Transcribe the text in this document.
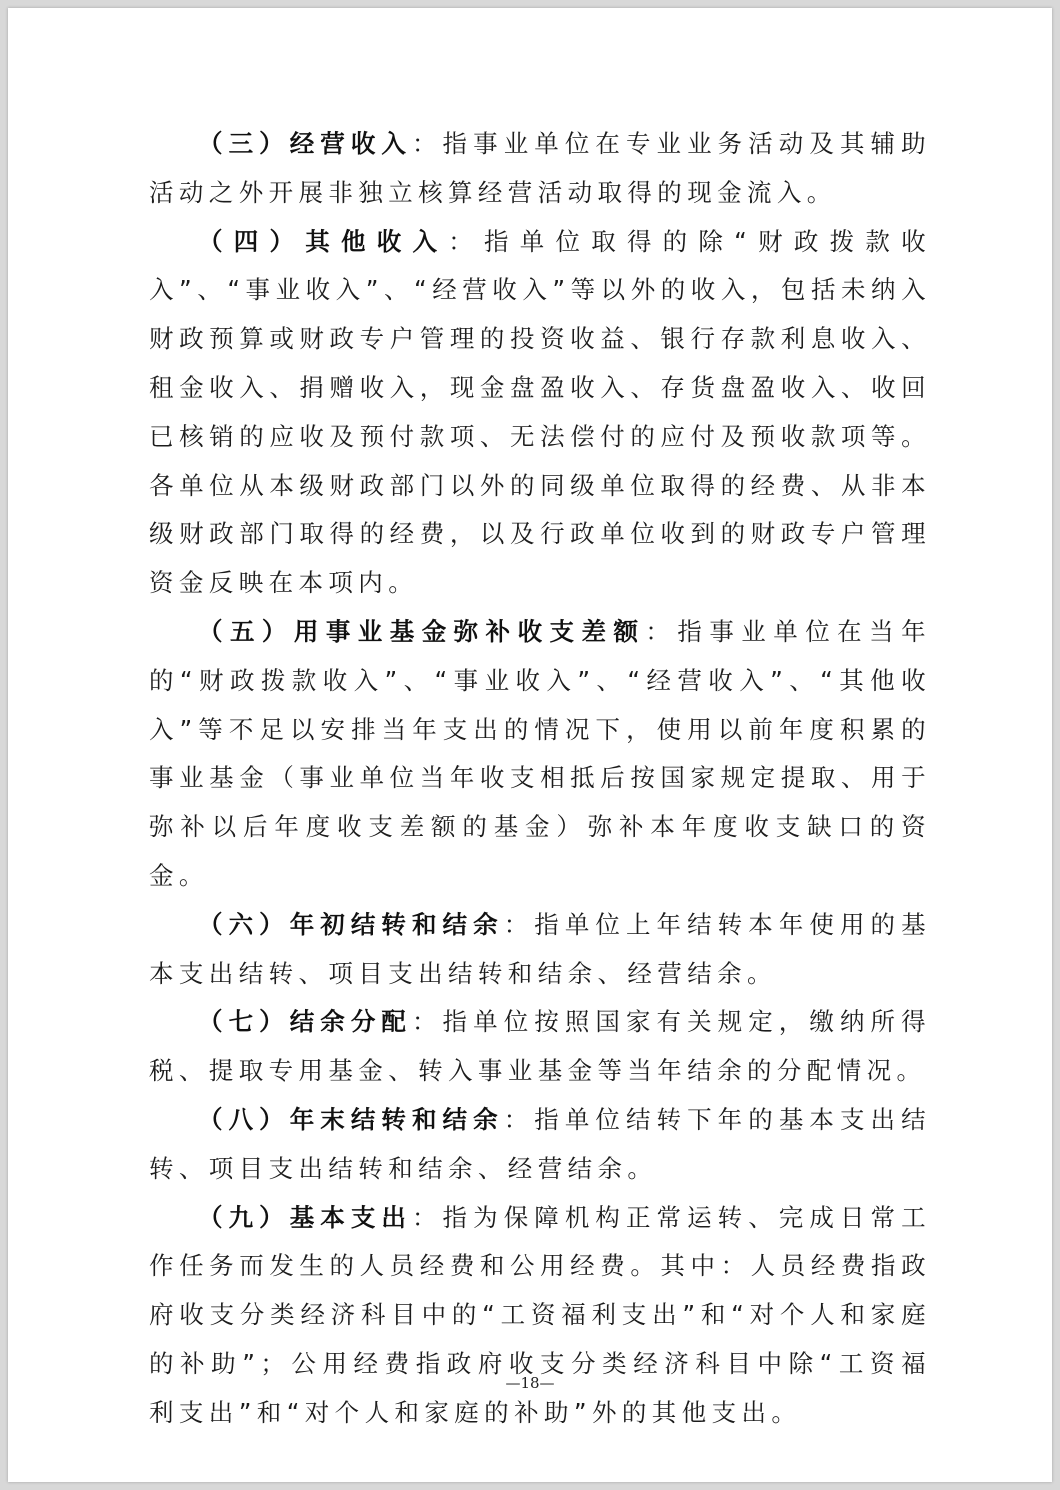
（三）经营收入：指事业单位在专业业务活动及其辅助活动之外开展非独立核算经营活动取得的现金流入。

（四）其他收入：指单位取得的除“财政拨款收入”、“事业收入”、“经营收入”等以外的收入，包括未纳入财政预算或财政专户管理的投资收益、银行存款利息收入、租金收入、捐赠收入，现金盘盈收入、存货盘盈收入、收回已核销的应收及预付款项、无法偿付的应付及预收款项等。各单位从本级财政部门以外的同级单位取得的经费、从非本级财政部门取得的经费，以及行政单位收到的财政专户管理资金反映在本项内。

（五）用事业基金弥补收支差额：指事业单位在当年的“财政拨款收入”、“事业收入”、“经营收入”、“其他收入”等不足以安排当年支出的情况下，使用以前年度积累的事业基金（事业单位当年收支相抵后按国家规定提取、用于弥补以后年度收支差额的基金）弥补本年度收支缺口的资金。

（六）年初结转和结余：指单位上年结转本年使用的基本支出结转、项目支出结转和结余、经营结余。

（七）结余分配：指单位按照国家有关规定，缴纳所得税、提取专用基金、转入事业基金等当年结余的分配情况。

（八）年末结转和结余：指单位结转下年的基本支出结转、项目支出结转和结余、经营结余。

（九）基本支出：指为保障机构正常运转、完成日常工作任务而发生的人员经费和公用经费。其中：人员经费指政府收支分类经济科目中的“工资福利支出”和“对个人和家庭的补助”；公用经费指政府收支分类经济科目中除“工资福利支出”和“对个人和家庭的补助”外的其他支出。

—18—
